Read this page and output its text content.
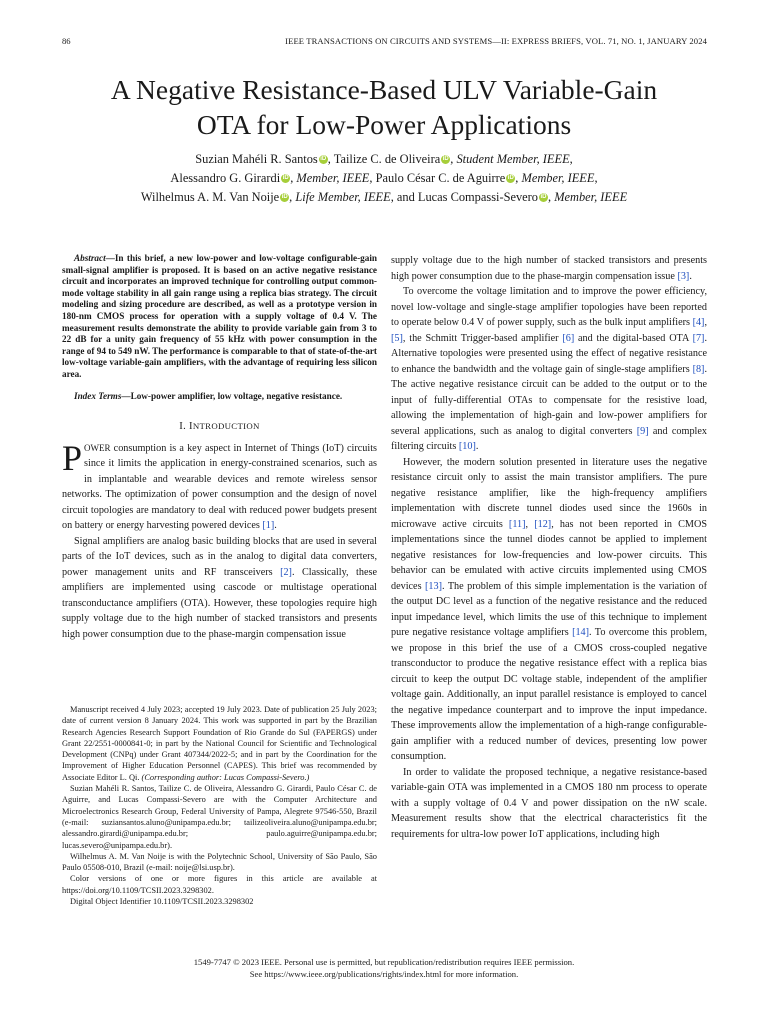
86	IEEE TRANSACTIONS ON CIRCUITS AND SYSTEMS—II: EXPRESS BRIEFS, VOL. 71, NO. 1, JANUARY 2024
A Negative Resistance-Based ULV Variable-Gain
OTA for Low-Power Applications
Suzian Mahéli R. Santos iD , Tailize C. de Oliveira iD , Student Member, IEEE,
Alessandro G. Girardi iD , Member, IEEE, Paulo César C. de Aguirre iD , Member, IEEE,
Wilhelmus A. M. Van Noije iD , Life Member, IEEE, and Lucas Compassi-Severo iD , Member, IEEE
Abstract—In this brief, a new low-power and low-voltage configurable-gain small-signal amplifier is proposed. It is based on an active negative resistance circuit and incorporates an improved technique for controlling output common-mode voltage stability in all gain range using a replica bias strategy. The circuit modeling and sizing procedure are described, as well as a prototype version in 180-nm CMOS process for operation with a supply voltage of 0.4 V. The measurement results demonstrate the ability to provide variable gain from 3 to 22 dB for a unity gain frequency of 55 kHz with power consumption in the range of 94 to 549 nW. The performance is comparable to that of state-of-the-art low-voltage variable-gain amplifiers, with the advantage of requiring less silicon area.
Index Terms—Low-power amplifier, low voltage, negative resistance.
I. INTRODUCTION

POWER consumption is a key aspect in Internet of Things (IoT) circuits since it limits the application in energy-constrained scenarios, such as in implantable and wearable devices and remote wireless sensor networks. The optimization of power consumption and the design of novel circuit topologies are mandatory to deal with reduced power budgets present on battery or energy harvesting powered devices [1].

Signal amplifiers are analog basic building blocks that are used in several parts of the IoT devices, such as in the analog to digital data converters, power management units and RF transceivers [2]. Classically, these amplifiers are implemented using cascode or multistage operational transconductance amplifiers (OTA). However, these topologies require high supply voltage due to the high number of stacked transistors and presents high power consumption due to the phase-margin compensation issue

Manuscript received 4 July 2023; accepted 19 July 2023. Date of publication 25 July 2023; date of current version 8 January 2024. This work was supported in part by the Brazilian Research Agencies Research Support Foundation of Rio Grande do Sul (FAPERGS) under Grant 22/2551-0000841-0; in part by the National Council for Scientific and Technological Development (CNPq) under Grant 407344/2022-5; and in part by the Coordination for the Improvement of Higher Education Personnel (CAPES). This brief was recommended by Associate Editor L. Qi. (Corresponding author: Lucas Compassi-Severo.)

Suzian Mahéli R. Santos, Tailize C. de Oliveira, Alessandro G. Girardi, Paulo César C. de Aguirre, and Lucas Compassi-Severo are with the Computer Architecture and Microelectronics Research Group, Federal University of Pampa, Alegrete 97546-550, Brazil (e-mail: suziansantos.aluno@unipampa.edu.br; tailizeoliveira.aluno@unipampa.edu.br; alessandro.girardi@unipampa.edu.br; paulo.aguirre@unipampa.edu.br; lucas.severo@unipampa.edu.br).

Wilhelmus A. M. Van Noije is with the Polytechnic School, University of São Paulo, São Paulo 05508-010, Brazil (e-mail: noije@lsi.usp.br).

Color versions of one or more figures in this article are available at https://doi.org/10.1109/TCSII.2023.3298302.

Digital Object Identifier 10.1109/TCSII.2023.3298302

supply voltage due to the high number of stacked transistors and presents high power consumption due to the phase-margin compensation issue [3].

To overcome the voltage limitation and to improve the power efficiency, novel low-voltage and single-stage amplifier topologies have been reported to operate below 0.4 V of power supply, such as the bulk input amplifiers [4], [5], the Schmitt Trigger-based amplifier [6] and the digital-based OTA [7]. Alternative topologies were presented using the effect of negative resistance to enhance the bandwidth and the voltage gain of single-stage amplifiers [8]. The active negative resistance circuit can be added to the output or to the input of fully-differential OTAs to compensate for the resistive load, allowing the implementation of high-gain and low-power amplifiers for several applications, such as analog to digital converters [9] and complex filtering circuits [10].

However, the modern solution presented in literature uses the negative resistance circuit only to assist the main transistor amplifiers. The pure negative resistance amplifier, like the high-frequency amplifiers implementation with discrete tunnel diodes used since the 1960s in microwave active circuits [11], [12], has not been reported in CMOS implementations since the tunnel diodes cannot be applied to implement negative resistances for low-frequencies and low-power circuits. This behavior can be emulated with active circuits implemented using CMOS devices [13]. The problem of this simple implementation is the variation of the output DC level as a function of the negative resistance and the reduced input impedance level, which limits the use of this technique to implement pure negative resistance voltage amplifiers [14]. To overcome this problem, we propose in this brief the use of a CMOS cross-coupled negative transconductor to produce the negative resistance effect with a replica bias circuit to keep the output DC voltage stable, independent of the amplifier voltage gain. Additionally, an input parallel resistance is employed to cancel the negative impedance counterpart and to improve the input impedance. These improvements allow the implementation of a high-range configurable-gain amplifier with a reduced number of devices, presenting low power consumption.

In order to validate the proposed technique, a negative resistance-based variable-gain OTA was implemented in a CMOS 180 nm process to operate with a supply voltage of 0.4 V and power dissipation on the nW scale. Measurement results show that the electrical characteristics fit the requirements for ultra-low power IoT applications, including high

1549-7747 © 2023 IEEE. Personal use is permitted, but republication/redistribution requires IEEE permission.
See https://www.ieee.org/publications/rights/index.html for more information.
